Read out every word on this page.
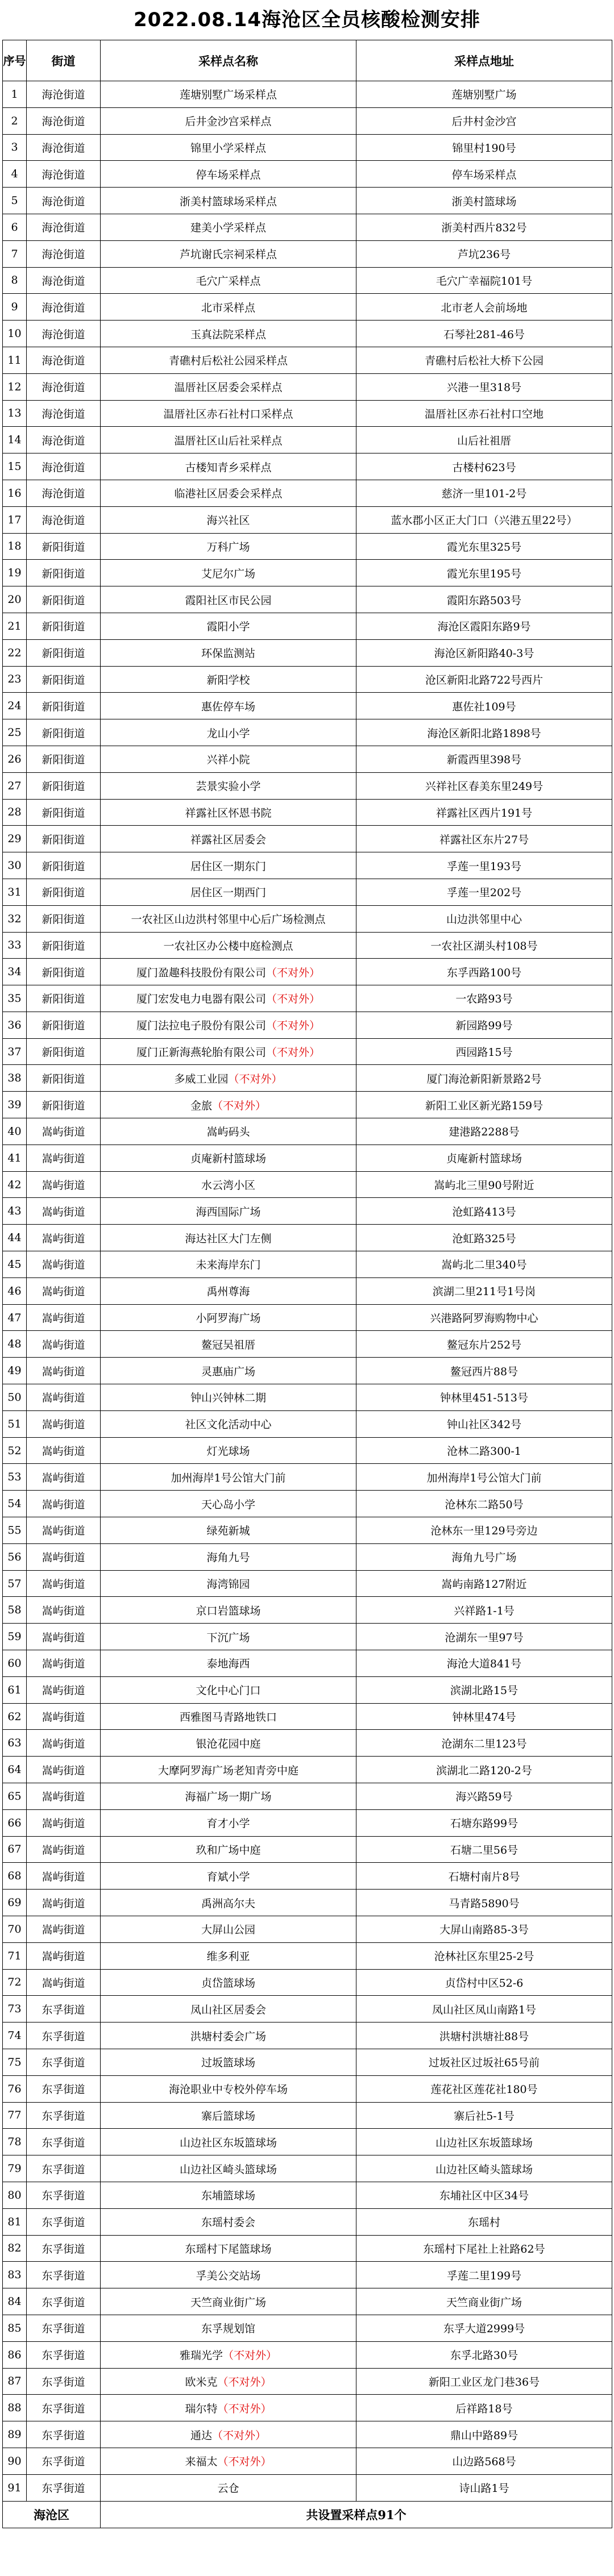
2022.08.14海沧区全员核酸检测安排
序号	街道	采样点名称	采样点地址
1	海沧街道	莲塘别墅广场采样点	莲塘别墅广场
2	海沧街道	后井金沙宫采样点	后井村金沙宫
3	海沧街道	锦里小学采样点	锦里村190号
4	海沧街道	停车场采样点	停车场采样点
5	海沧街道	浙美村篮球场采样点	浙美村篮球场
6	海沧街道	建美小学采样点	浙美村西片832号
7	海沧街道	芦坑谢氏宗祠采样点	芦坑236号
8	海沧街道	毛穴广采样点	毛穴广幸福院101号
9	海沧街道	北市采样点	北市老人会前场地
10	海沧街道	玉真法院采样点	石琴社281-46号
11	海沧街道	青礁村后松社公园采样点	青礁村后松社大桥下公园
12	海沧街道	温厝社区居委会采样点	兴港一里318号
13	海沧街道	温厝社区赤石社村口采样点	温厝社区赤石社村口空地
14	海沧街道	温厝社区山后社采样点	山后社祖厝
15	海沧街道	古楼知青乡采样点	古楼村623号
16	海沧街道	临港社区居委会采样点	慈济一里101-2号
17	海沧街道	海兴社区	蓝水郡小区正大门口（兴港五里22号）
18	新阳街道	万科广场	霞光东里325号
19	新阳街道	艾尼尔广场	霞光东里195号
20	新阳街道	霞阳社区市民公园	霞阳东路503号
21	新阳街道	霞阳小学	海沧区霞阳东路9号
22	新阳街道	环保监测站	海沧区新阳路40-3号
23	新阳街道	新阳学校	沧区新阳北路722号西片
24	新阳街道	惠佐停车场	惠佐社109号
25	新阳街道	龙山小学	海沧区新阳北路1898号
26	新阳街道	兴祥小院	新霞西里398号
27	新阳街道	芸景实验小学	兴祥社区春美东里249号
28	新阳街道	祥露社区怀恩书院	祥露社区西片191号
29	新阳街道	祥露社区居委会	祥露社区东片27号
30	新阳街道	居住区一期东门	孚莲一里193号
31	新阳街道	居住区一期西门	孚莲一里202号
32	新阳街道	一农社区山边洪村邻里中心后广场检测点	山边洪邻里中心
33	新阳街道	一农社区办公楼中庭检测点	一农社区湖头村108号
34	新阳街道	厦门盈趣科技股份有限公司（不对外）	东孚西路100号
35	新阳街道	厦门宏发电力电器有限公司（不对外）	一农路93号
36	新阳街道	厦门法拉电子股份有限公司（不对外）	新园路99号
37	新阳街道	厦门正新海燕轮胎有限公司（不对外）	西园路15号
38	新阳街道	多威工业园（不对外）	厦门海沧新阳新景路2号
39	新阳街道	金旅（不对外）	新阳工业区新光路159号
40	嵩屿街道	嵩屿码头	建港路2288号
41	嵩屿街道	贞庵新村篮球场	贞庵新村篮球场
42	嵩屿街道	水云湾小区	嵩屿北三里90号附近
43	嵩屿街道	海西国际广场	沧虹路413号
44	嵩屿街道	海达社区大门左侧	沧虹路325号
45	嵩屿街道	未来海岸东门	嵩屿北二里340号
46	嵩屿街道	禹州尊海	滨湖二里211号1号岗
47	嵩屿街道	小阿罗海广场	兴港路阿罗海购物中心
48	嵩屿街道	鳌冠吴祖厝	鳌冠东片252号
49	嵩屿街道	灵惠庙广场	鳌冠西片88号
50	嵩屿街道	钟山兴钟林二期	钟林里451-513号
51	嵩屿街道	社区文化活动中心	钟山社区342号
52	嵩屿街道	灯光球场	沧林二路300-1
53	嵩屿街道	加州海岸1号公馆大门前	加州海岸1号公馆大门前
54	嵩屿街道	天心岛小学	沧林东二路50号
55	嵩屿街道	绿苑新城	沧林东一里129号旁边
56	嵩屿街道	海角九号	海角九号广场
57	嵩屿街道	海湾锦园	嵩屿南路127附近
58	嵩屿街道	京口岩篮球场	兴祥路1-1号
59	嵩屿街道	下沉广场	沧湖东一里97号
60	嵩屿街道	泰地海西	海沧大道841号
61	嵩屿街道	文化中心门口	滨湖北路15号
62	嵩屿街道	西雅图马青路地铁口	钟林里474号
63	嵩屿街道	银沧花园中庭	沧湖东二里123号
64	嵩屿街道	大摩阿罗海广场老知青旁中庭	滨湖北二路120-2号
65	嵩屿街道	海福广场一期广场	海兴路59号
66	嵩屿街道	育才小学	石塘东路99号
67	嵩屿街道	玖和广场中庭	石塘二里56号
68	嵩屿街道	育斌小学	石塘村南片8号
69	嵩屿街道	禹洲高尔夫	马青路5890号
70	嵩屿街道	大屏山公园	大屏山南路85-3号
71	嵩屿街道	维多利亚	沧林社区东里25-2号
72	嵩屿街道	贞岱篮球场	贞岱村中区52-6
73	东孚街道	凤山社区居委会	凤山社区凤山南路1号
74	东孚街道	洪塘村委会广场	洪塘村洪塘社88号
75	东孚街道	过坂篮球场	过坂社区过坂社65号前
76	东孚街道	海沧职业中专校外停车场	莲花社区莲花社180号
77	东孚街道	寨后篮球场	寨后社5-1号
78	东孚街道	山边社区东坂篮球场	山边社区东坂篮球场
79	东孚街道	山边社区崎头篮球场	山边社区崎头篮球场
80	东孚街道	东埔篮球场	东埔社区中区34号
81	东孚街道	东瑶村委会	东瑶村
82	东孚街道	东瑶村下尾篮球场	东瑶村下尾社上社路62号
83	东孚街道	孚美公交站场	孚莲二里199号
84	东孚街道	天竺商业街广场	天竺商业街广场
85	东孚街道	东孚规划馆	东孚大道2999号
86	东孚街道	雅瑞光学（不对外）	东孚北路30号
87	东孚街道	欧米克（不对外）	新阳工业区龙门巷36号
88	东孚街道	瑞尔特（不对外）	后祥路18号
89	东孚街道	通达（不对外）	鼎山中路89号
90	东孚街道	来福太（不对外）	山边路568号
91	东孚街道	云仓	诗山路1号
海沧区		共设置采样点91个	
